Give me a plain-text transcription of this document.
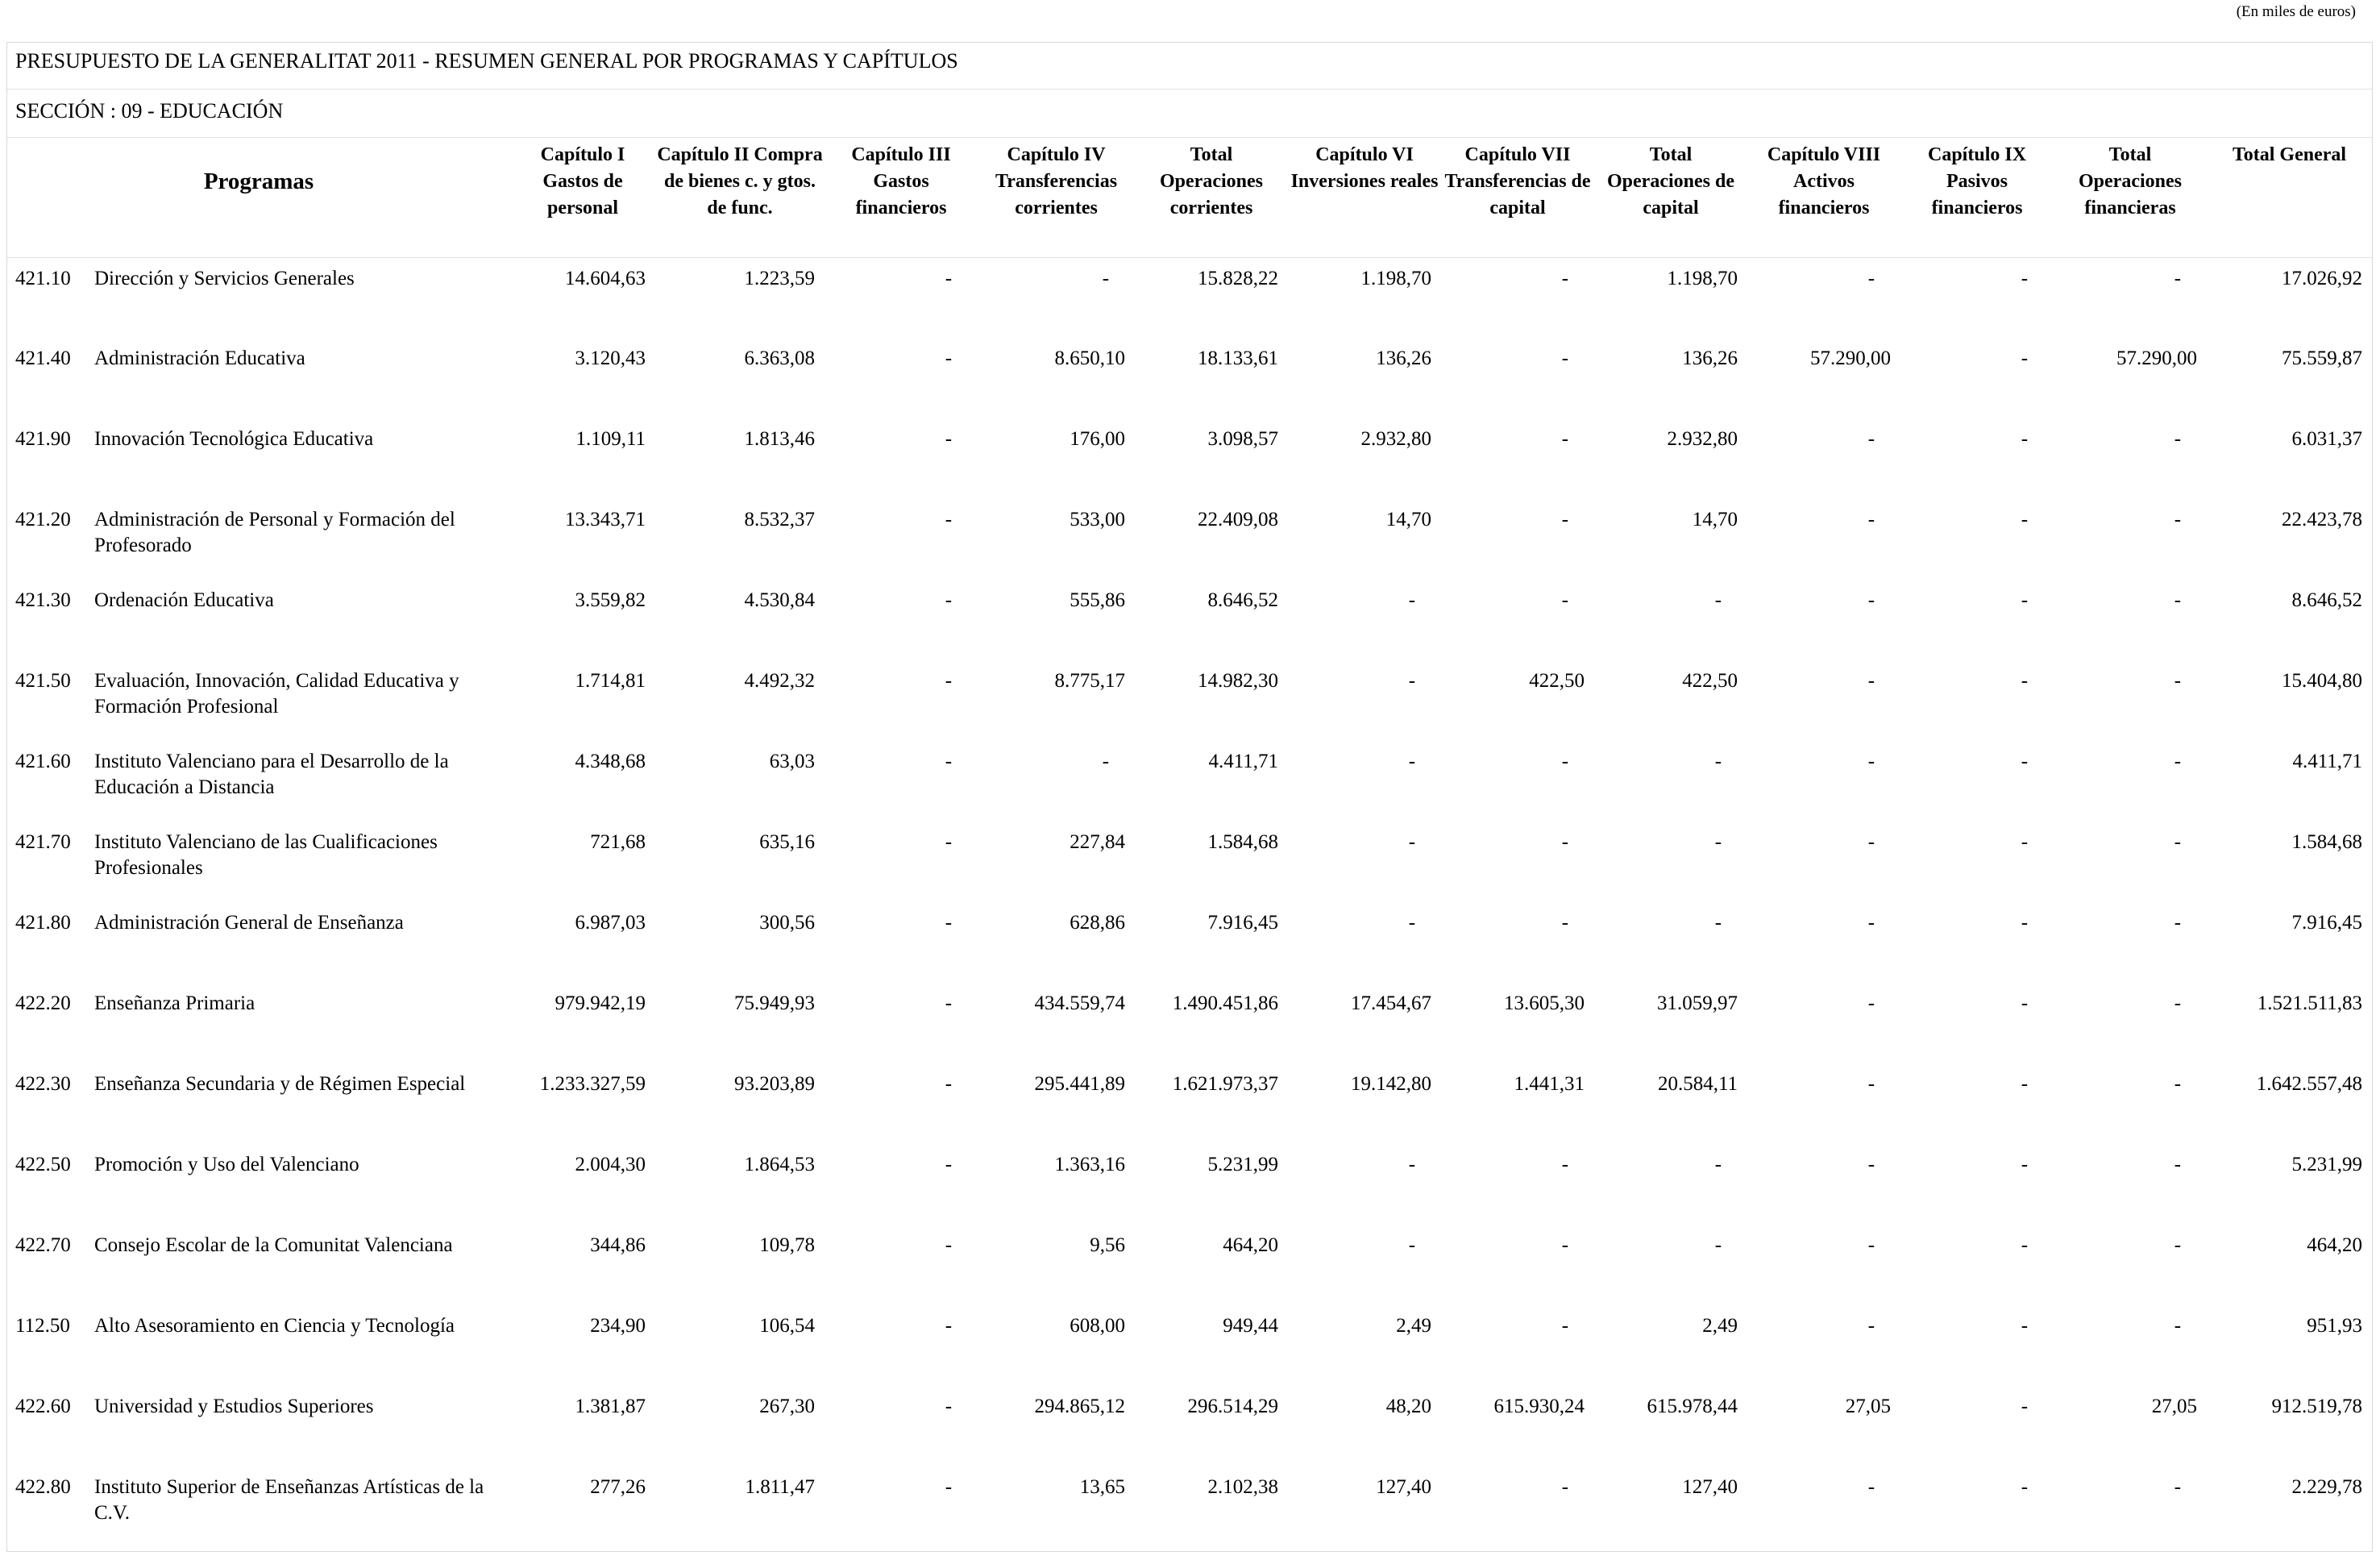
(En miles de euros)
PRESUPUESTO DE LA GENERALITAT 2011 - RESUMEN GENERAL POR PROGRAMAS Y CAPÍTULOS
SECCIÓN : 09 - EDUCACIÓN
Programas		Capítulo I Gastos de personal	Capítulo II Compra de bienes c. y gtos. de func.	Capítulo III Gastos financieros	Capítulo IV Transferencias corrientes	Total Operaciones corrientes	Capítulo VI Inversiones reales	Capítulo VII Transferencias de capital	Total Operaciones de capital	Capítulo VIII Activos financieros	Capítulo IX Pasivos financieros	Total Operaciones financieras	Total General
421.10	Dirección y Servicios Generales	14.604,63	1.223,59	-	-	15.828,22	1.198,70	-	1.198,70	-	-	-	17.026,92
421.40	Administración Educativa	3.120,43	6.363,08	-	8.650,10	18.133,61	136,26	-	136,26	57.290,00	-	57.290,00	75.559,87
421.90	Innovación Tecnológica Educativa	1.109,11	1.813,46	-	176,00	3.098,57	2.932,80	-	2.932,80	-	-	-	6.031,37
421.20	Administración de Personal y Formación del Profesorado	13.343,71	8.532,37	-	533,00	22.409,08	14,70	-	14,70	-	-	-	22.423,78
421.30	Ordenación Educativa	3.559,82	4.530,84	-	555,86	8.646,52	-	-	-	-	-	-	8.646,52
421.50	Evaluación, Innovación, Calidad Educativa y Formación Profesional	1.714,81	4.492,32	-	8.775,17	14.982,30	-	422,50	422,50	-	-	-	15.404,80
421.60	Instituto Valenciano para el Desarrollo de la Educación a Distancia	4.348,68	63,03	-	-	4.411,71	-	-	-	-	-	-	4.411,71
421.70	Instituto Valenciano de las Cualificaciones Profesionales	721,68	635,16	-	227,84	1.584,68	-	-	-	-	-	-	1.584,68
421.80	Administración General de Enseñanza	6.987,03	300,56	-	628,86	7.916,45	-	-	-	-	-	-	7.916,45
422.20	Enseñanza Primaria	979.942,19	75.949,93	-	434.559,74	1.490.451,86	17.454,67	13.605,30	31.059,97	-	-	-	1.521.511,83
422.30	Enseñanza Secundaria y de Régimen Especial	1.233.327,59	93.203,89	-	295.441,89	1.621.973,37	19.142,80	1.441,31	20.584,11	-	-	-	1.642.557,48
422.50	Promoción y Uso del Valenciano	2.004,30	1.864,53	-	1.363,16	5.231,99	-	-	-	-	-	-	5.231,99
422.70	Consejo Escolar de la Comunitat Valenciana	344,86	109,78	-	9,56	464,20	-	-	-	-	-	-	464,20
112.50	Alto Asesoramiento en Ciencia y Tecnología	234,90	106,54	-	608,00	949,44	2,49	-	2,49	-	-	-	951,93
422.60	Universidad y Estudios Superiores	1.381,87	267,30	-	294.865,12	296.514,29	48,20	615.930,24	615.978,44	27,05	-	27,05	912.519,78
422.80	Instituto Superior de Enseñanzas Artísticas de la C.V.	277,26	1.811,47	-	13,65	2.102,38	127,40	-	127,40	-	-	-	2.229,78
